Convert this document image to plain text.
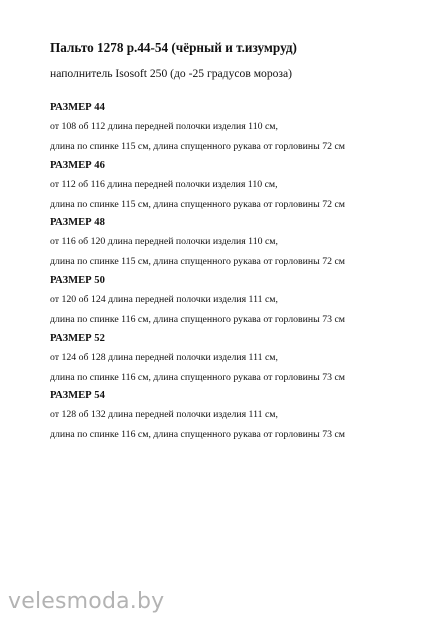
Пальто 1278 р.44-54 (чёрный и т.изумруд)
наполнитель Isosoft 250 (до -25 градусов мороза)
РАЗМЕР 44
от 108 об 112 длина передней полочки изделия 110 см,
длина по спинке 115 см, длина спущенного рукава от горловины 72 см
РАЗМЕР 46
от 112 об 116 длина передней полочки изделия 110 см,
длина по спинке 115 см, длина спущенного рукава от горловины 72 см
РАЗМЕР 48
от 116 об 120 длина передней полочки изделия 110 см,
длина по спинке 115 см, длина спущенного рукава от горловины 72 см
РАЗМЕР 50
от 120 об 124 длина передней полочки изделия 111 см,
длина по спинке 116 см, длина спущенного рукава от горловины 73 см
РАЗМЕР 52
от 124 об 128 длина передней полочки изделия 111 см,
длина по спинке 116 см, длина спущенного рукава от горловины 73 см
РАЗМЕР 54
от 128 об 132 длина передней полочки изделия 111 см,
длина по спинке 116 см, длина спущенного рукава от горловины 73 см
velesmoda.by
